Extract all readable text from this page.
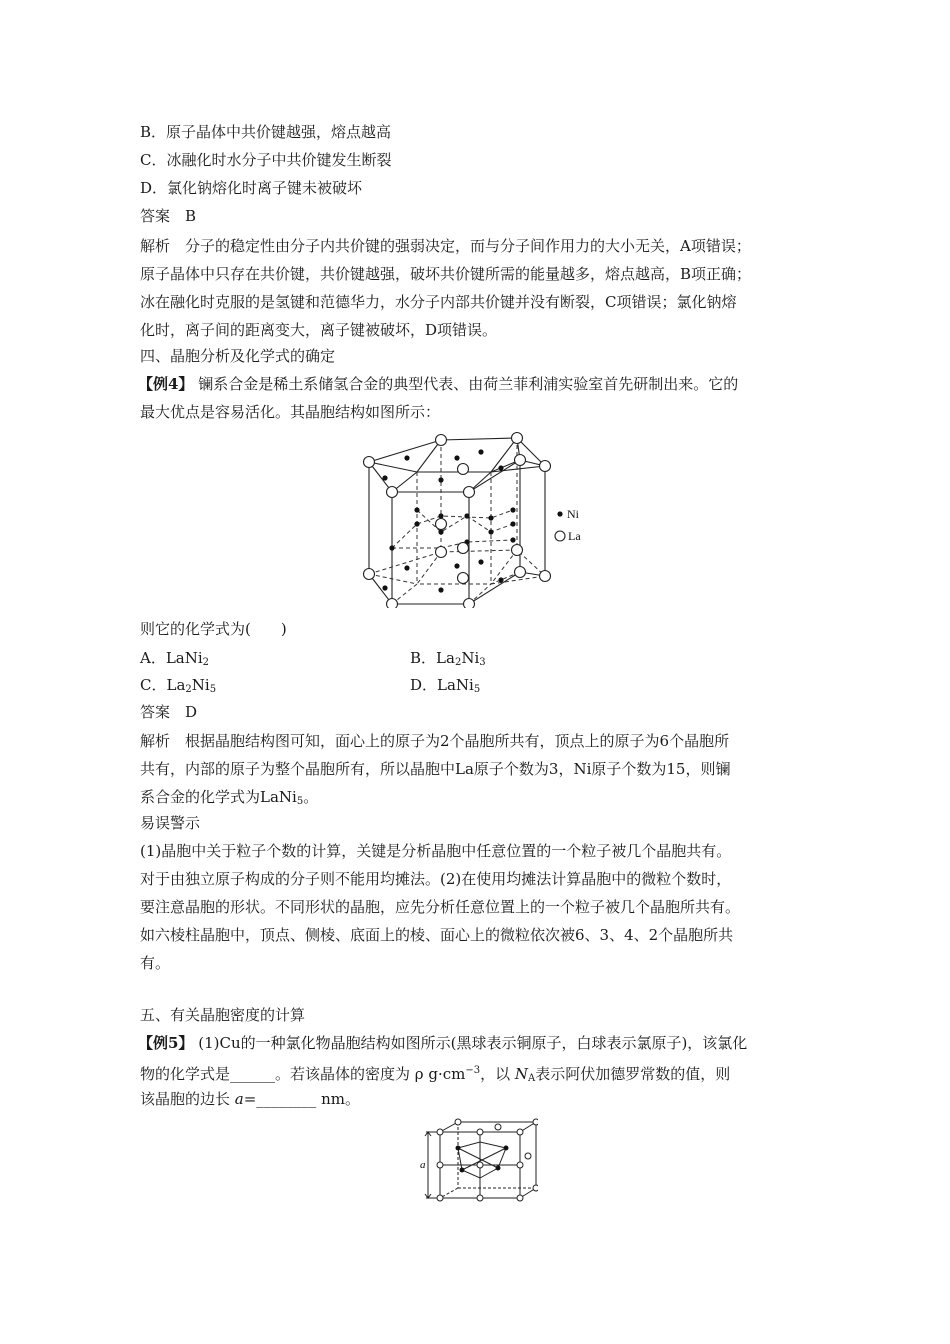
B．原子晶体中共价键越强，熔点越高
C．冰融化时水分子中共价键发生断裂
D．氯化钠熔化时离子键未被破坏
答案　B
解析　分子的稳定性由分子内共价键的强弱决定，而与分子间作用力的大小无关，A项错误；
原子晶体中只存在共价键，共价键越强，破坏共价键所需的能量越多，熔点越高，B项正确；
冰在融化时克服的是氢键和范德华力，水分子内部共价键并没有断裂，C项错误；氯化钠熔
化时，离子间的距离变大，离子键被破坏，D项错误。
四、晶胞分析及化学式的确定
【例4】 镧系合金是稀土系储氢合金的典型代表、由荷兰菲利浦实验室首先研制出来。它的
最大优点是容易活化。其晶胞结构如图所示：
Ni
La
则它的化学式为(　　)
A．LaNi$_2$	B．$La_2Ni_3$
C．$La_2Ni_5$	D．LaNi$_5$
答案　D
解析　根据晶胞结构图可知，面心上的原子为2个晶胞所共有，顶点上的原子为6个晶胞所
共有，内部的原子为整个晶胞所有，所以晶胞中La原子个数为3，Ni原子个数为15，则镧
系合金的化学式为LaNi$_5$。
易误警示
(1)晶胞中关于粒子个数的计算，关键是分析晶胞中任意位置的一个粒子被几个晶胞共有。
对于由独立原子构成的分子则不能用均摊法。(2)在使用均摊法计算晶胞中的微粒个数时，
要注意晶胞的形状。不同形状的晶胞，应先分析任意位置上的一个粒子被几个晶胞所共有。
如六棱柱晶胞中，顶点、侧棱、底面上的棱、面心上的微粒依次被6、3、4、2个晶胞所共
有。
五、有关晶胞密度的计算
【例5】 (1)Cu的一种氯化物晶胞结构如图所示(黑球表示铜原子，白球表示氯原子)，该氯化
物的化学式是______。若该晶体的密度为 ρ $g\cdot cm^{-3}$，以 $N_A$表示阿伏加德罗常数的值，则
该晶胞的边长 a=________ nm。
a
